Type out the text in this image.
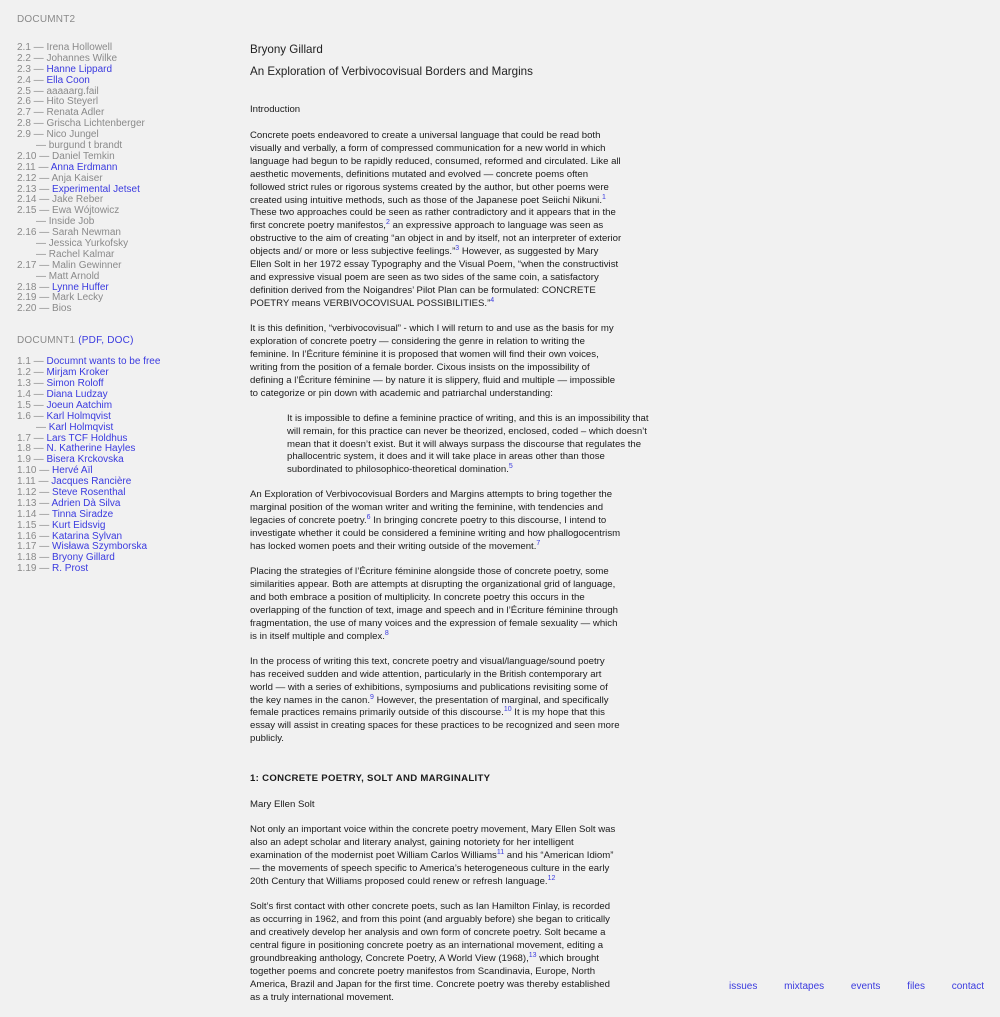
DOCUMNT2
2.1 — Irena Hollowell
2.2 — Johannes Wilke
2.3 — Hanne Lippard
2.4 — Ella Coon
2.5 — aaaaarg.fail
2.6 — Hito Steyerl
2.7 — Renata Adler
2.8 — Grischa Lichtenberger
2.9 — Nico Jungel
— burgund t brandt
2.10 — Daniel Temkin
2.11 — Anna Erdmann
2.12 — Anja Kaiser
2.13 — Experimental Jetset
2.14 — Jake Reber
2.15 — Ewa Wójtowicz
— Inside Job
2.16 — Sarah Newman
— Jessica Yurkofsky
— Rachel Kalmar
2.17 — Malin Gewinner
— Matt Arnold
2.18 — Lynne Huffer
2.19 — Mark Lecky
2.20 — Bios
DOCUMNT1 (PDF, DOC)
1.1 — Documnt wants to be free
1.2 — Mirjam Kroker
1.3 — Simon Roloff
1.4 — Diana Ludzay
1.5 — Joeun Aatchim
1.6 — Karl Holmqvist
— Karl Holmqvist
1.7 — Lars TCF Holdhus
1.8 — N. Katherine Hayles
1.9 — Bisera Krckovska
1.10 — Hervé Aïl
1.11 — Jacques Rancière
1.12 — Steve Rosenthal
1.13 — Adrien Dà Silva
1.14 — Tinna Siradze
1.15 — Kurt Eidsvig
1.16 — Katarina Sylvan
1.17 — Wisława Szymborska
1.18 — Bryony Gillard
1.19 — R. Prost
Bryony Gillard
An Exploration of Verbivocovisual Borders and Margins
Introduction

Concrete poets endeavored to create a universal language that could be read both visually and verbally, a form of compressed communication for a new world in which language had begun to be rapidly reduced, consumed, reformed and circulated. Like all aesthetic movements, definitions mutated and evolved — concrete poems often followed strict rules or rigorous systems created by the author, but other poems were created using intuitive methods, such as those of the Japanese poet Seiichi Nikuni.$^1$ These two approaches could be seen as rather contradictory and it appears that in the first concrete poetry manifestos,$^2$ an expressive approach to language was seen as obstructive to the aim of creating “an object in and by itself, not an interpreter of exterior objects and/ or more or less subjective feelings.”$^3$ However, as suggested by Mary Ellen Solt in her 1972 essay Typography and the Visual Poem, “when the constructivist and expressive visual poem are seen as two sides of the same coin, a satisfactory definition derived from the Noigandres’ Pilot Plan can be formulated: CONCRETE POETRY means VERBIVOCOVISUAL POSSIBILITIES.”$^4$

It is this definition, “verbivocovisual” - which I will return to and use as the basis for my exploration of concrete poetry — considering the genre in relation to writing the feminine. In l’Écriture féminine it is proposed that women will find their own voices, writing from the position of a female border. Cixous insists on the impossibility of defining a l’Écriture féminine — by nature it is slippery, fluid and multiple — impossible to categorize or pin down with academic and patriarchal understanding:

It is impossible to define a feminine practice of writing, and this is an impossibility that will remain, for this practice can never be theorized, enclosed, coded – which doesn’t mean that it doesn’t exist. But it will always surpass the discourse that regulates the phallocentric system, it does and it will take place in areas other than those subordinated to philosophico-theoretical domination.$^5$

An Exploration of Verbivocovisual Borders and Margins attempts to bring together the marginal position of the woman writer and writing the feminine, with tendencies and legacies of concrete poetry.$^6$ In bringing concrete poetry to this discourse, I intend to investigate whether it could be considered a feminine writing and how phallogocentrism has locked women poets and their writing outside of the movement.$^7$

Placing the strategies of l’Écriture féminine alongside those of concrete poetry, some similarities appear. Both are attempts at disrupting the organizational grid of language, and both embrace a position of multiplicity. In concrete poetry this occurs in the overlapping of the function of text, image and speech and in l’Écriture féminine through fragmentation, the use of many voices and the expression of female sexuality — which is in itself multiple and complex.$^8$

In the process of writing this text, concrete poetry and visual/language/sound poetry has received sudden and wide attention, particularly in the British contemporary art world — with a series of exhibitions, symposiums and publications revisiting some of the key names in the canon.$^9$ However, the presentation of marginal, and specifically female practices remains primarily outside of this discourse.$^{10}$ It is my hope that this essay will assist in creating spaces for these practices to be recognized and seen more publicly.

1: CONCRETE POETRY, SOLT AND MARGINALITY
Mary Ellen Solt

Not only an important voice within the concrete poetry movement, Mary Ellen Solt was also an adept scholar and literary analyst, gaining notoriety for her intelligent examination of the modernist poet William Carlos Williams$^{11}$ and his “American Idiom” — the movements of speech specific to America’s heterogeneous culture in the early 20th Century that Williams proposed could renew or refresh language.$^{12}$

Solt’s first contact with other concrete poets, such as Ian Hamilton Finlay, is recorded as occurring in 1962, and from this point (and arguably before) she began to critically and creatively develop her analysis and own form of concrete poetry. Solt became a central figure in positioning concrete poetry as an international movement, editing a groundbreaking anthology, Concrete Poetry, A World View (1968),$^{13}$ which brought together poems and concrete poetry manifestos from Scandinavia, Europe, North America, Brazil and Japan for the first time. Concrete poetry was thereby established as a truly international movement.

issues	mixtapes	events	files	contact
